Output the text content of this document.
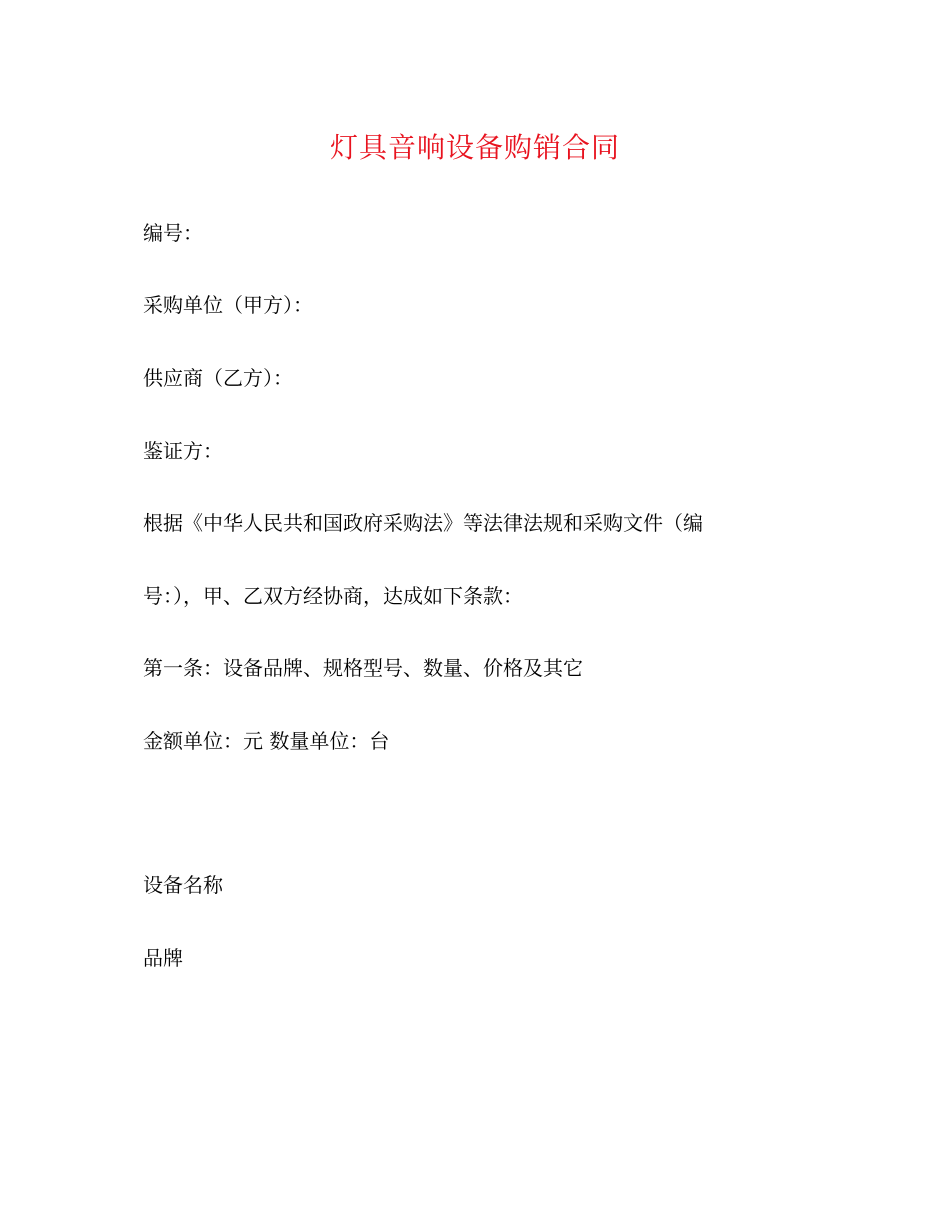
灯具音响设备购销合同
编号：
采购单位（甲方）：
供应商（乙方）：
鉴证方：
根据《中华人民共和国政府采购法》等法律法规和采购文件（编
号：），甲、乙双方经协商，达成如下条款：
第一条：设备品牌、规格型号、数量、价格及其它
金额单位：元 数量单位：台
设备名称
品牌
